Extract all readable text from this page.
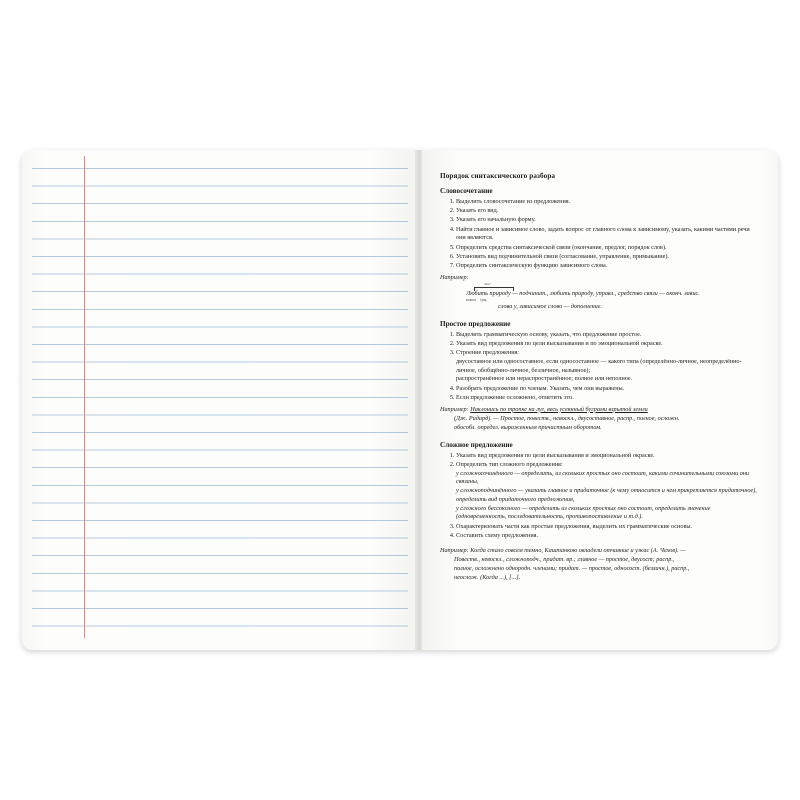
Порядок синтаксического разбора
Словосочетание
1. Выделить словосочетание из предложения.
2. Указать его вид.
3. Указать его начальную форму.
4. Найти главное и зависимое слово, задать вопрос от главного слова к зависимому, указать, какими частями речи они являются.
5. Определить средства синтаксической связи (окончание, предлог, порядок слов).
6. Установить вид подчинительной связи (согласование, управление, примыкание).
7. Определить синтаксическую функцию зависимого слова.
Например:
что?
Любить природу — подчинит., любить природу, управл., средство связи — оконч. завис.
глагол сущ.
слова у, зависимое слово — дополнение.
Простое предложение
1. Выделить грамматическую основу, указать, что предложение простое.
2. Указать вид предложения по цели высказывания и по эмоциональной окраске.
3. Строение предложения:
двусоставное или односоставное, если односоставное — какого типа (определённо-личное, неопределённо-личное, обобщённо-личное, безличное, назывное);
распространённое или нераспространённое; полное или неполное.
4. Разобрать предложение по членам. Указать, чем они выражены.
5. Если предложение осложнено, отметить это.
Например: Наклонись по тропке на луг, весь усеянный буграми взрытой земли
(Дж. Ридард). — Простое, повеств., невоскл., двусоставное, распр., полное, осложн.
обособл. определ. выраженным причастным оборотом.
Сложное предложение
1. Указать вид предложения по цели высказывания и эмоциональной окраске.
2. Определить тип сложного предложения:
у сложносочинённого — определить, из скольких простых оно состоит, какими сочинительными союзами они связаны,
у сложноподчинённого — указать главное и придаточное (к чему относится и чем прикрепляется придаточное), определить вид придаточного предложения,
у сложного бессоюзного — определить из скольких простых оно состоит, определить значение (одновременность, последовательность, противопоставление и т.д.).
3. Охарактеризовать части как простые предложения, выделить их грамматические основы.
4. Составить схему предложения.
Например: Когда стало совсем темно, Каштанкою овладели отчаяние и ужас (А. Чехов). —
Повеств., невоскл., сложноподч., придат. вр.; главное — простое, двусост; распр.,
полное, осложнено однородн. членами; придат. — простое, односост. (безличн.), распр.,
неослож. (Когда ...), [...].
